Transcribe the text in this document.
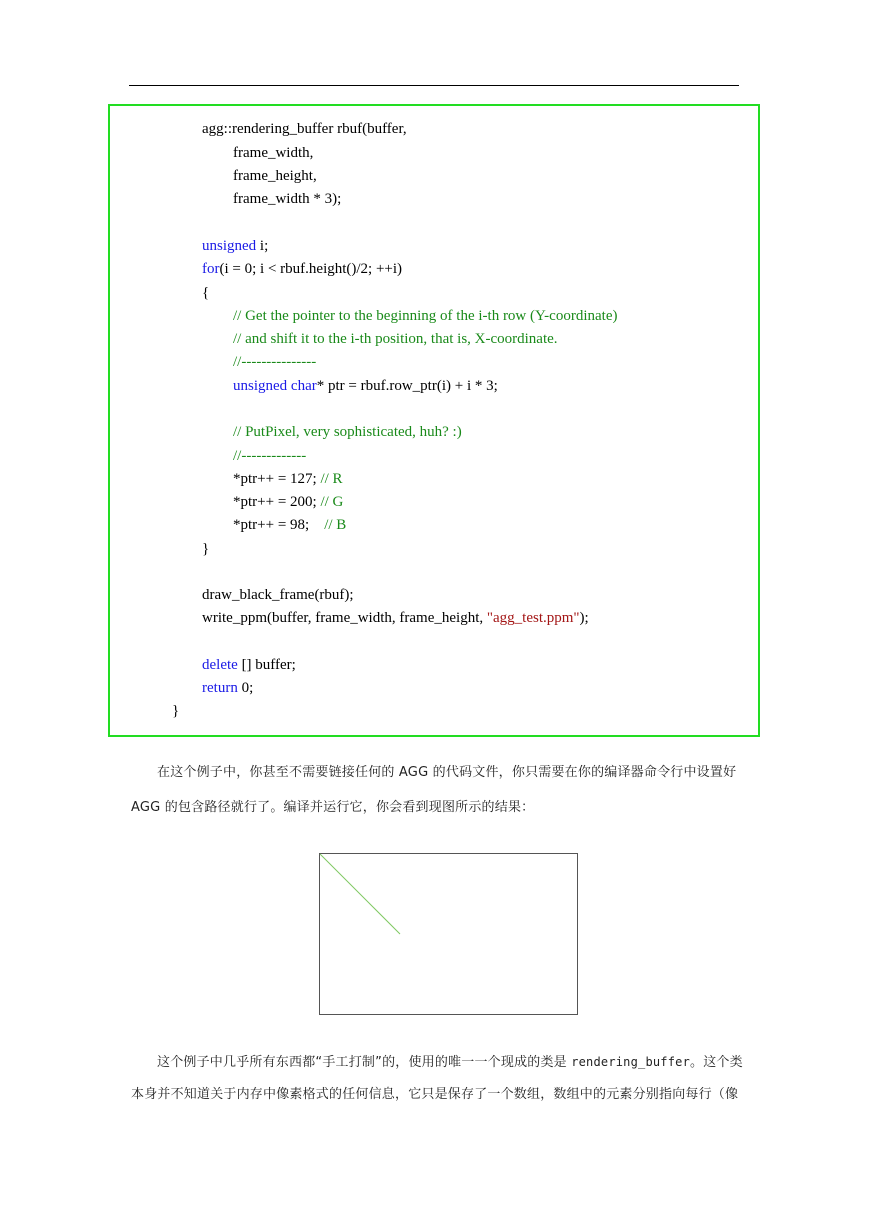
agg::rendering_buffer rbuf(buffer,
frame_width,
frame_height,
frame_width * 3);
unsigned i;
for(i = 0; i < rbuf.height()/2; ++i)
{
// Get the pointer to the beginning of the i-th row (Y-coordinate)
// and shift it to the i-th position, that is, X-coordinate.
//---------------
unsigned char* ptr = rbuf.row_ptr(i) + i * 3;
// PutPixel, very sophisticated, huh? :)
//-------------
*ptr++ = 127; // R
*ptr++ = 200; // G
*ptr++ = 98;    // B
}
draw_black_frame(rbuf);
write_ppm(buffer, frame_width, frame_height, "agg_test.ppm");
delete [] buffer;
return 0;
}
在这个例子中，你甚至不需要链接任何的 AGG 的代码文件，你只需要在你的编译器命令行中设置好
AGG 的包含路径就行了。编译并运行它，你会看到现图所示的结果：
这个例子中几乎所有东西都“手工打制”的，使用的唯一一个现成的类是 rendering_buffer。这个类
本身并不知道关于内存中像素格式的任何信息，它只是保存了一个数组，数组中的元素分别指向每行（像
